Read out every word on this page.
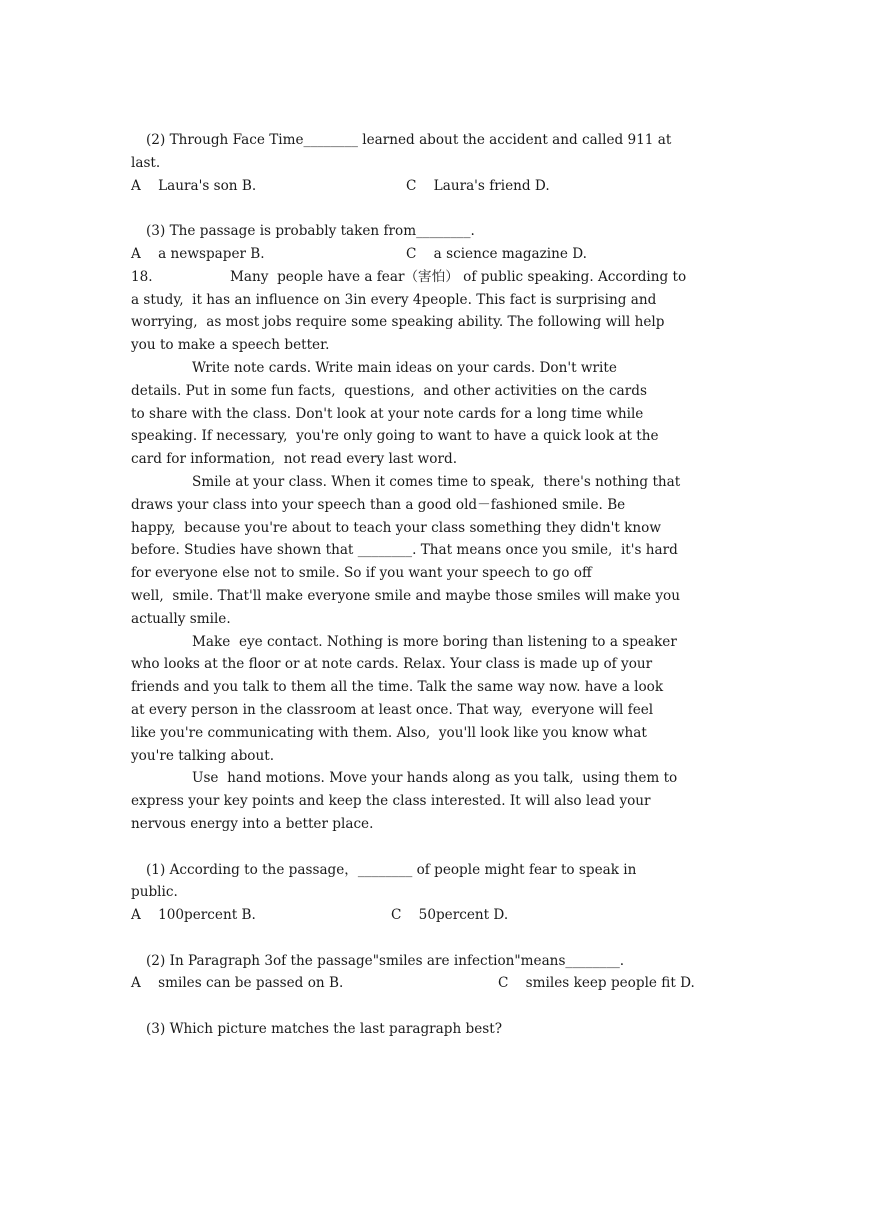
(2) Through Face Time________ learned about the accident and called 911 at
last.

A    Laura's son B.

	C    Laura's friend D.

(3) The passage is probably taken from________.

A    a newspaper B.

	C    a science magazine D.

18.

	Many  people have a fear（害怕） of public speaking. According to

a study,  it has an influence on 3in every 4people. This fact is surprising and
worrying,  as most jobs require some speaking ability. The following will help
you to make a speech better.
Write note cards. Write main ideas on your cards. Don't write
details. Put in some fun facts,  questions,  and other activities on the cards
to share with the class. Don't look at your note cards for a long time while
speaking. If necessary,  you're only going to want to have a quick look at the
card for information,  not read every last word.
Smile at your class. When it comes time to speak,  there's nothing that
draws your class into your speech than a good old－fashioned smile. Be
happy,  because you're about to teach your class something they didn't know
before. Studies have shown that ________. That means once you smile,  it's hard
for everyone else not to smile. So if you want your speech to go off
well,  smile. That'll make everyone smile and maybe those smiles will make you
actually smile.
Make  eye contact. Nothing is more boring than listening to a speaker
who looks at the floor or at note cards. Relax. Your class is made up of your
friends and you talk to them all the time. Talk the same way now. have a look
at every person in the classroom at least once. That way,  everyone will feel
like you're communicating with them. Also,  you'll look like you know what
you're talking about.
Use  hand motions. Move your hands along as you talk,  using them to
express your key points and keep the class interested. It will also lead your
nervous energy into a better place.
(1) According to the passage，________ of people might fear to speak in
public.

A    100percent B.

	C    50percent D.

(2) In Paragraph 3of the passage"smiles are infection"means________.

A    smiles can be passed on B.

	C    smiles keep people fit D.

(3) Which picture matches the last paragraph best?
